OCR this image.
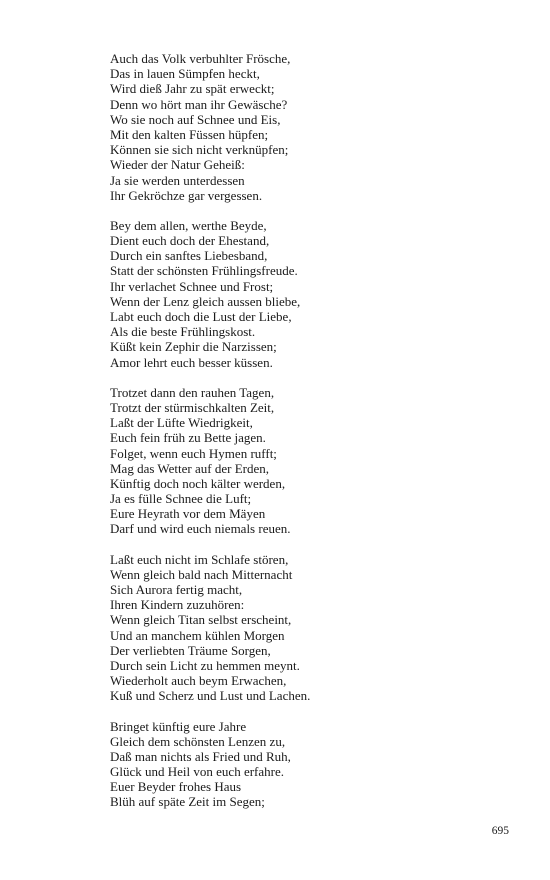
Auch das Volk verbuhlter Frösche,
Das in lauen Sümpfen heckt,
Wird dieß Jahr zu spät erweckt;
Denn wo hört man ihr Gewäsche?
Wo sie noch auf Schnee und Eis,
Mit den kalten Füssen hüpfen;
Können sie sich nicht verknüpfen;
Wieder der Natur Geheiß:
Ja sie werden unterdessen
Ihr Gekröchze gar vergessen.
Bey dem allen, werthe Beyde,
Dient euch doch der Ehestand,
Durch ein sanftes Liebesband,
Statt der schönsten Frühlingsfreude.
Ihr verlachet Schnee und Frost;
Wenn der Lenz gleich aussen bliebe,
Labt euch doch die Lust der Liebe,
Als die beste Frühlingskost.
Küßt kein Zephir die Narzissen;
Amor lehrt euch besser küssen.
Trotzet dann den rauhen Tagen,
Trotzt der stürmischkalten Zeit,
Laßt der Lüfte Wiedrigkeit,
Euch fein früh zu Bette jagen.
Folget, wenn euch Hymen rufft;
Mag das Wetter auf der Erden,
Künftig doch noch kälter werden,
Ja es fülle Schnee die Luft;
Eure Heyrath vor dem Mäyen
Darf und wird euch niemals reuen.
Laßt euch nicht im Schlafe stören,
Wenn gleich bald nach Mitternacht
Sich Aurora fertig macht,
Ihren Kindern zuzuhören:
Wenn gleich Titan selbst erscheint,
Und an manchem kühlen Morgen
Der verliebten Träume Sorgen,
Durch sein Licht zu hemmen meynt.
Wiederholt auch beym Erwachen,
Kuß und Scherz und Lust und Lachen.
Bringet künftig eure Jahre
Gleich dem schönsten Lenzen zu,
Daß man nichts als Fried und Ruh,
Glück und Heil von euch erfahre.
Euer Beyder frohes Haus
Blüh auf späte Zeit im Segen;
695
